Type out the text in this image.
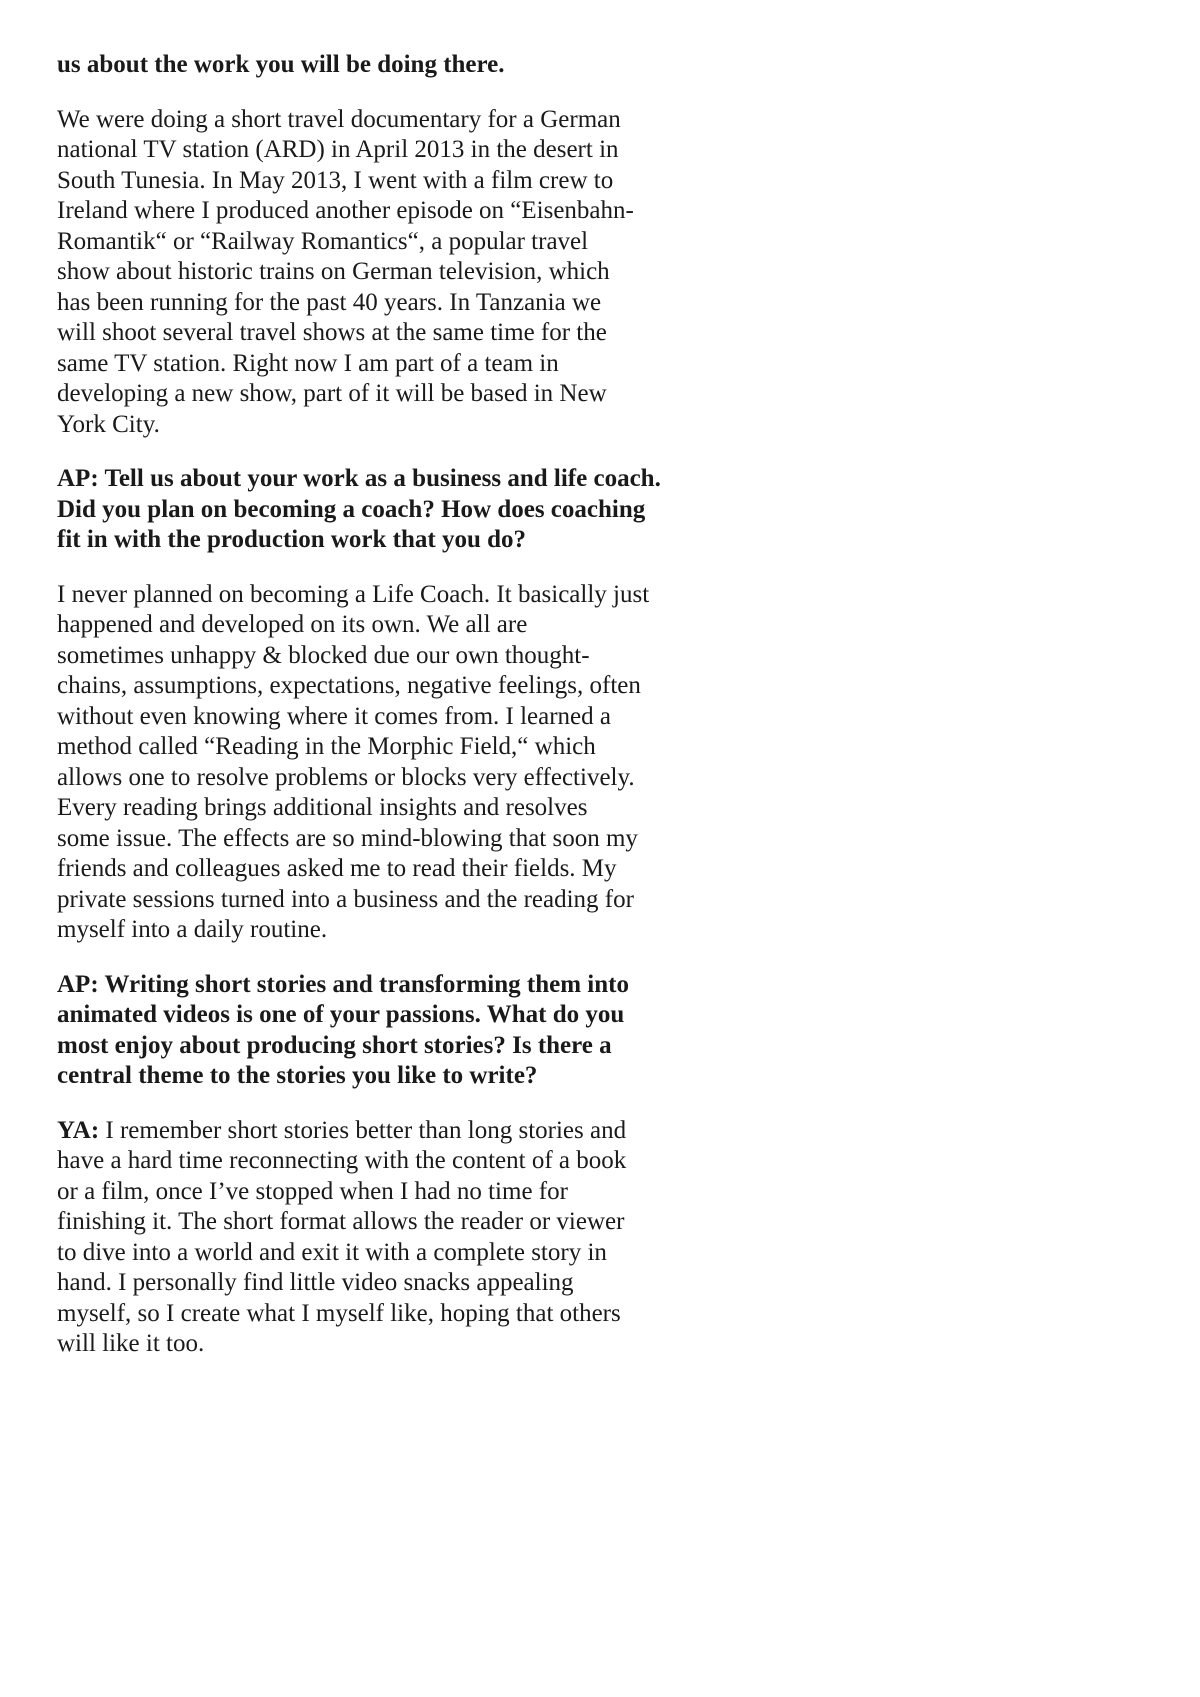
us about the work you will be doing there.
We were doing a short travel documentary for a German
national TV station (ARD) in April 2013 in the desert in
South Tunesia. In May 2013, I went with a film crew to
Ireland where I produced another episode on “Eisenbahn-
Romantik“ or “Railway Romantics“, a popular travel
show about historic trains on German television, which
has been running for the past 40 years. In Tanzania we
will shoot several travel shows at the same time for the
same TV station. Right now I am part of a team in
developing a new show, part of it will be based in New
York City.
AP: Tell us about your work as a business and life coach.
Did you plan on becoming a coach? How does coaching
fit in with the production work that you do?
I never planned on becoming a Life Coach. It basically just
happened and developed on its own. We all are
sometimes unhappy & blocked due our own thought-
chains, assumptions, expectations, negative feelings, often
without even knowing where it comes from. I learned a
method called “Reading in the Morphic Field,“ which
allows one to resolve problems or blocks very effectively.
Every reading brings additional insights and resolves
some issue. The effects are so mind-blowing that soon my
friends and colleagues asked me to read their fields. My
private sessions turned into a business and the reading for
myself into a daily routine.
AP: Writing short stories and transforming them into
animated videos is one of your passions. What do you
most enjoy about producing short stories? Is there a
central theme to the stories you like to write?
YA: I remember short stories better than long stories and
have a hard time reconnecting with the content of a book
or a film, once I’ve stopped when I had no time for
finishing it. The short format allows the reader or viewer
to dive into a world and exit it with a complete story in
hand. I personally find little video snacks appealing
myself, so I create what I myself like, hoping that others
will like it too.
